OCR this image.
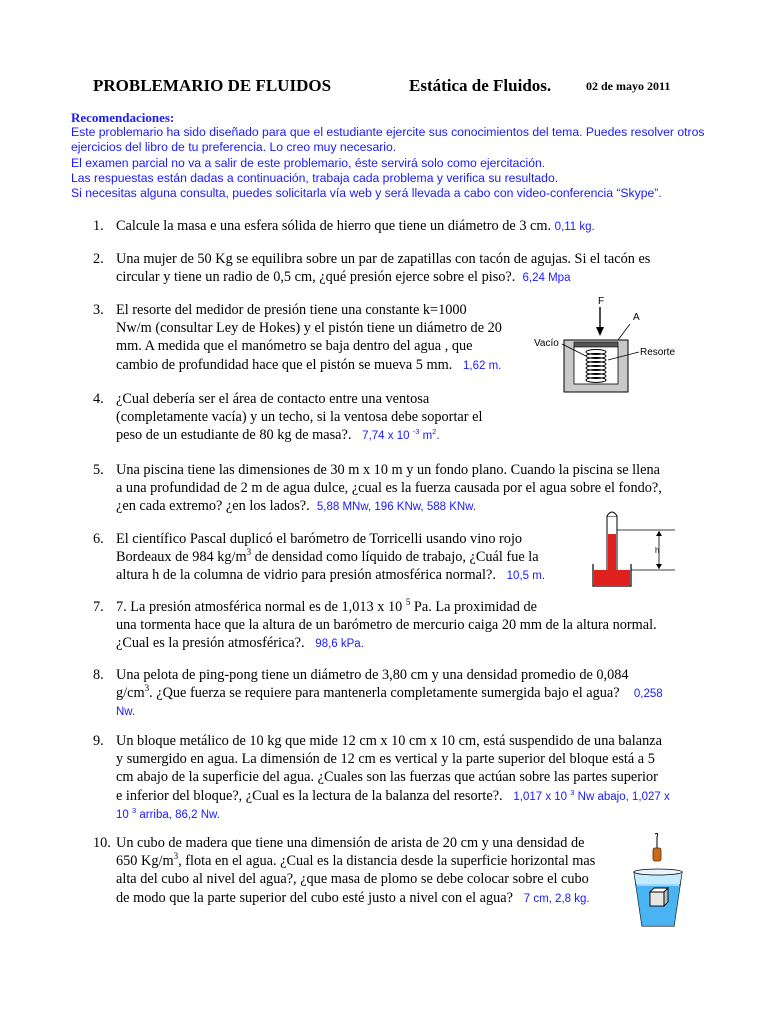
PROBLEMARIO DE FLUIDOS	Estática de Fluidos.	02 de mayo 2011
Recomendaciones:
Este problemario ha sido diseñado para que el estudiante ejercite sus conocimientos del tema. Puedes resolver otros
ejercicios del libro de tu preferencia. Lo creo muy necesario.
El examen parcial no va a salir de este problemario, éste servirá solo como ejercitación.
Las respuestas están dadas a continuación, trabaja cada problema y verifica su resultado.
Si necesitas alguna consulta, puedes solicitarla vía web y será llevada a cabo con video-conferencia “Skype”.
1. Calcule la masa e una esfera sólida de hierro que tiene un diámetro de 3 cm. 0,11 kg.
2. Una mujer de 50 Kg se equilibra sobre un par de zapatillas con tacón de agujas. Si el tacón es
circular y tiene un radio de 0,5 cm, ¿qué presión ejerce sobre el piso?. 6,24 Mpa
3. El resorte del medidor de presión tiene una constante k=1000
Nw/m (consultar Ley de Hokes) y el pistón tiene un diámetro de 20
mm. A medida que el manómetro se baja dentro del agua , que
cambio de profundidad hace que el pistón se mueva 5 mm. 1,62 m.
F
A
Vacío
Resorte
4. ¿Cual debería ser el área de contacto entre una ventosa
(completamente vacía) y un techo, si la ventosa debe soportar el
peso de un estudiante de 80 kg de masa?. 7,74 x 10 $^{-3}$ $m^2$.
5. Una piscina tiene las dimensiones de 30 m x 10 m y un fondo plano. Cuando la piscina se llena
a una profundidad de 2 m de agua dulce, ¿cual es la fuerza causada por el agua sobre el fondo?,
¿en cada extremo? ¿en los lados?. 5,88 MNw, 196 KNw, 588 KNw.
6. El científico Pascal duplicó el barómetro de Torricelli usando vino rojo
Bordeaux de 984 $kg/m^3$ de densidad como líquido de trabajo, ¿Cuál fue la
altura h de la columna de vidrio para presión atmosférica normal?. 10,5 m.
h
7. 7. La presión atmosférica normal es de 1,013 x 10 $^5$ Pa. La proximidad de
una tormenta hace que la altura de un barómetro de mercurio caiga 20 mm de la altura normal.
¿Cual es la presión atmosférica?. 98,6 kPa.
8. Una pelota de ping-pong tiene un diámetro de 3,80 cm y una densidad promedio de 0,084
$g/cm^3$. ¿Que fuerza se requiere para mantenerla completamente sumergida bajo el agua? 0,258
Nw.
9. Un bloque metálico de 10 kg que mide 12 cm x 10 cm x 10 cm, está suspendido de una balanza
y sumergido en agua. La dimensión de 12 cm es vertical y la parte superior del bloque está a 5
cm abajo de la superficie del agua. ¿Cuales son las fuerzas que actúan sobre las partes superior
e inferior del bloque?, ¿Cual es la lectura de la balanza del resorte?. 1,017 x 10 $^3$ Nw abajo, 1,027 x
10 $^3$ arriba, 86,2 Nw.
10. Un cubo de madera que tiene una dimensión de arista de 20 cm y una densidad de
650 $Kg/m^3$, flota en el agua. ¿Cual es la distancia desde la superficie horizontal mas
alta del cubo al nivel del agua?, ¿que masa de plomo se debe colocar sobre el cubo
de modo que la parte superior del cubo esté justo a nivel con el agua? 7 cm, 2,8 kg.
